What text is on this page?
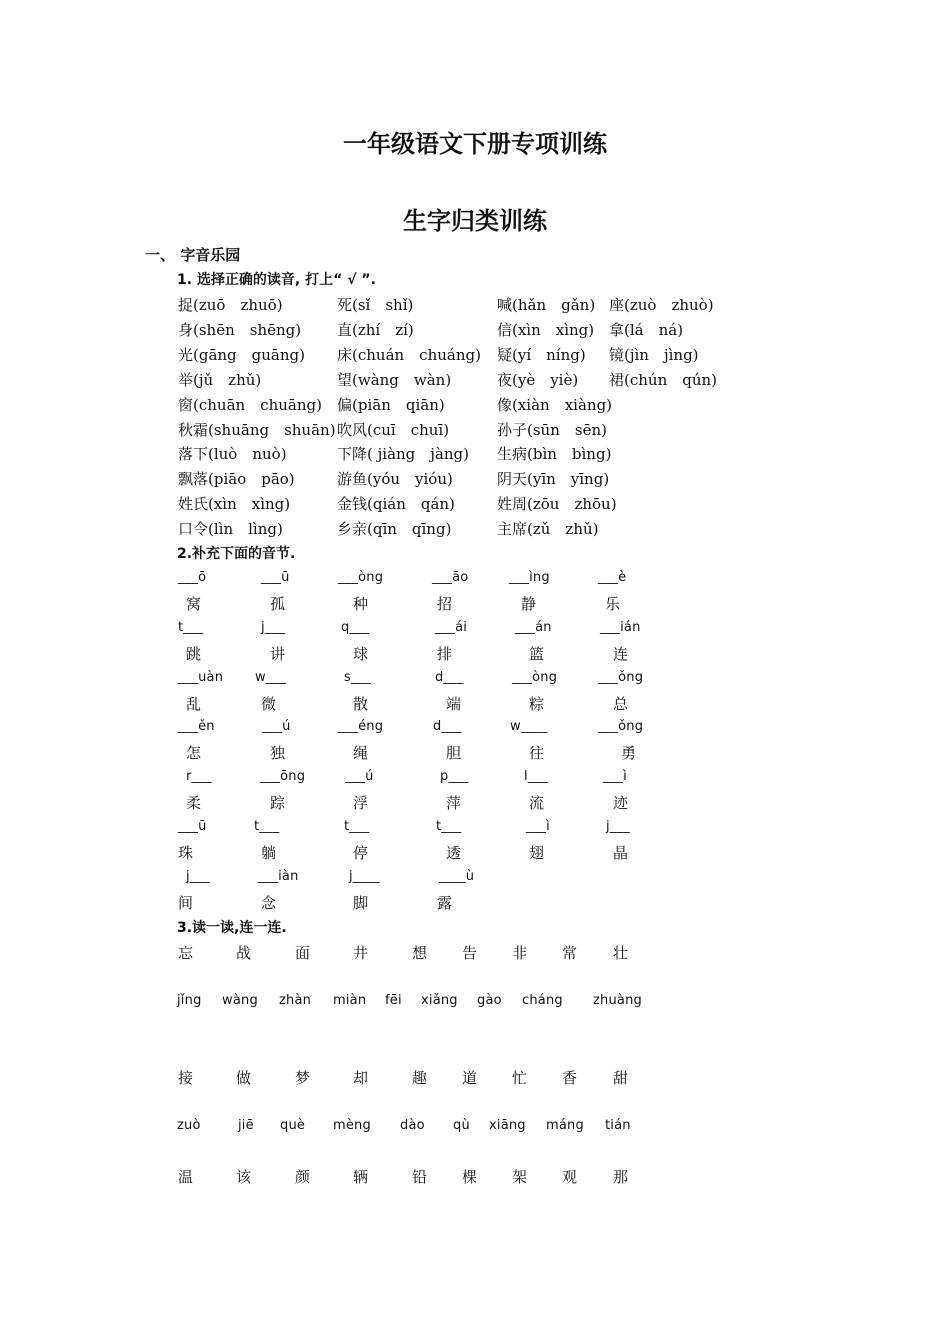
一年级语文下册专项训练
生字归类训练
一、 字音乐园
1. 选择正确的读音, 打上“ √ ”.
捉(zuō　zhuō)	死(sǐ　shǐ)	喊(hǎn　gǎn) 座(zuò　zhuò)
身(shēn　shēng) 直(zhí　zí)	信(xìn　xìng) 拿(lá　ná)
光(gāng　guāng) 床(chuán　chuáng) 疑(yí　níng) 镜(jìn　jìng)
举(jǔ　zhǔ)	望(wàng　wàn)	夜(yè　yiè) 裙(chún　qún)
窗(chuān　chuāng) 偏(piān　qiān)	像(xiàn　xiàng)
秋霜(shuāng　shuān) 吹风(cuī　chuī)	孙子(sūn　sēn)
落下(luò　nuò)	下降( jiàng　jàng) 生病(bìn　bìng)
飘落(piāo　pāo)	游鱼(yóu　yióu)	阴天(yīn　yīng)
姓氏(xìn　xìng)	金钱(qián　qán)	姓周(zōu　zhōu)
口令(lìn　lìng)	乡亲(qīn　qīng)	主席(zǔ　zhǔ)
2.补充下面的音节.
___ō	___ū	___òng	___āo	___ìng	___è
窝	孤	种	招	静	乐
t___	j___	q___	___ái	___án	___ián
跳	讲	球	排	篮	连
___uàn w___	s___	d___	___òng	___ǒng
乱	微	散	端	粽	总
___ěn	___ú	___éng	d___	w____	___ǒng
怎	独	绳	胆	往	勇
r___	___ōng	___ú	p___	l___	___ì
柔	踪	浮	萍	流	迹
___ū	t___	t___	t___	___ì	j___
珠	躺	停	透	翅	晶
j___	___iàn	j____	____ù
间	念	脚	露
3.读一读,连一连.
忘	战	面	井	想 告 非 常 壮
jǐng wàng zhàn miàn fēi xiǎng gào cháng zhuàng
接	做	梦	却	趣 道 忙 香 甜
zuò	jiē què mèng dào qù xiāng máng tián
温	该	颜	辆	铅 棵 架 观 那
